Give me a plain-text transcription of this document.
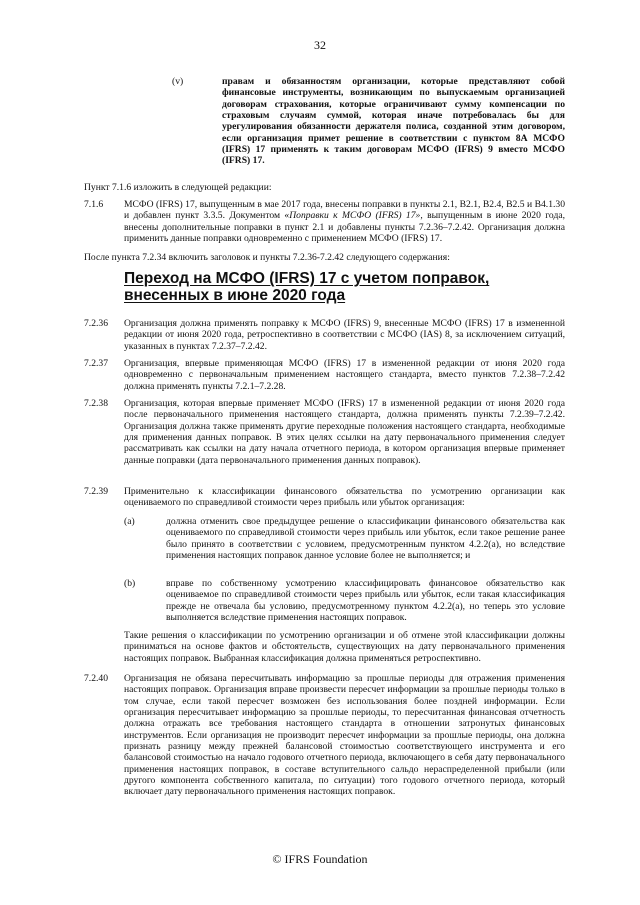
32
(v)	правам и обязанностям организации, которые представляют собой финансовые инструменты, возникающим по выпускаемым организацией договорам страхования, которые ограничивают сумму компенсации по страховым случаям суммой, которая иначе потребовалась бы для урегулирования обязанности держателя полиса, созданной этим договором, если организация примет решение в соответствии с пунктом 8А МСФО (IFRS) 17 применять к таким договорам МСФО (IFRS) 9 вместо МСФО (IFRS) 17.
Пункт 7.1.6 изложить в следующей редакции:
7.1.6 МСФО (IFRS) 17, выпущенным в мае 2017 года, внесены поправки в пункты 2.1, B2.1, B2.4, B2.5 и B4.1.30 и добавлен пункт 3.3.5. Документом «Поправки к МСФО (IFRS) 17», выпущенным в июне 2020 года, внесены дополнительные поправки в пункт 2.1 и добавлены пункты 7.2.36–7.2.42. Организация должна применить данные поправки одновременно с применением МСФО (IFRS) 17.
После пункта 7.2.34 включить заголовок и пункты 7.2.36-7.2.42 следующего содержания:
Переход на МСФО (IFRS) 17 с учетом поправок, внесенных в июне 2020 года
7.2.36 Организация должна применять поправку к МСФО (IFRS) 9, внесенные МСФО (IFRS) 17 в измененной редакции от июня 2020 года, ретроспективно в соответствии с МСФО (IAS) 8, за исключением ситуаций, указанных в пунктах 7.2.37–7.2.42.
7.2.37 Организация, впервые применяющая МСФО (IFRS) 17 в измененной редакции от июня 2020 года одновременно с первоначальным применением настоящего стандарта, вместо пунктов 7.2.38–7.2.42 должна применять пункты 7.2.1–7.2.28.
7.2.38 Организация, которая впервые применяет МСФО (IFRS) 17 в измененной редакции от июня 2020 года после первоначального применения настоящего стандарта, должна применять пункты 7.2.39–7.2.42. Организация должна также применять другие переходные положения настоящего стандарта, необходимые для применения данных поправок. В этих целях ссылки на дату первоначального применения следует рассматривать как ссылки на дату начала отчетного периода, в котором организация впервые применяет данные поправки (дата первоначального применения данных поправок).
7.2.39 Применительно к классификации финансового обязательства по усмотрению организации как оцениваемого по справедливой стоимости через прибыль или убыток организация:
(a)	должна отменить свое предыдущее решение о классификации финансового обязательства как оцениваемого по справедливой стоимости через прибыль или убыток, если такое решение ранее было принято в соответствии с условием, предусмотренным пунктом 4.2.2(a), но вследствие применения настоящих поправок данное условие более не выполняется; и
(b)	вправе по собственному усмотрению классифицировать финансовое обязательство как оцениваемое по справедливой стоимости через прибыль или убыток, если такая классификация прежде не отвечала бы условию, предусмотренному пунктом 4.2.2(a), но теперь это условие выполняется вследствие применения настоящих поправок.
Такие решения о классификации по усмотрению организации и об отмене этой классификации должны приниматься на основе фактов и обстоятельств, существующих на дату первоначального применения настоящих поправок. Выбранная классификация должна применяться ретроспективно.
7.2.40 Организация не обязана пересчитывать информацию за прошлые периоды для отражения применения настоящих поправок. Организация вправе произвести пересчет информации за прошлые периоды только в том случае, если такой пересчет возможен без использования более поздней информации. Если организация пересчитывает информацию за прошлые периоды, то пересчитанная финансовая отчетность должна отражать все требования настоящего стандарта в отношении затронутых финансовых инструментов. Если организация не производит пересчет информации за прошлые периоды, она должна признать разницу между прежней балансовой стоимостью соответствующего инструмента и его балансовой стоимостью на начало годового отчетного периода, включающего в себя дату первоначального применения настоящих поправок, в составе вступительного сальдо нераспределенной прибыли (или другого компонента собственного капитала, по ситуации) того годового отчетного периода, который включает дату первоначального применения настоящих поправок.
© IFRS Foundation
